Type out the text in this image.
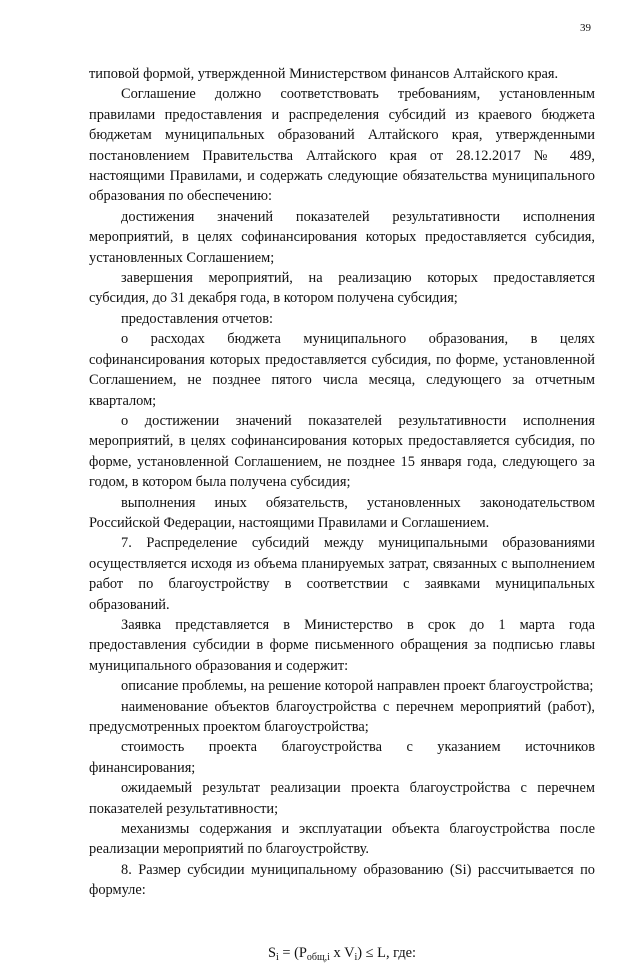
39

типовой формой, утвержденной Министерством финансов Алтайского края.

Соглашение должно соответствовать требованиям, установленным правилами предоставления и распределения субсидий из краевого бюджета бюджетам муниципальных образований Алтайского края, утвержденными постановлением Правительства Алтайского края от 28.12.2017 № 489, настоящими Правилами, и содержать следующие обязательства муниципального образования по обеспечению:

достижения значений показателей результативности исполнения мероприятий, в целях софинансирования которых предоставляется субсидия, установленных Соглашением;

завершения мероприятий, на реализацию которых предоставляется субсидия, до 31 декабря года, в котором получена субсидия;

предоставления отчетов:

о расходах бюджета муниципального образования, в целях софинансирования которых предоставляется субсидия, по форме, установленной Соглашением, не позднее пятого числа месяца, следующего за отчетным кварталом;

о достижении значений показателей результативности исполнения мероприятий, в целях софинансирования которых предоставляется субсидия, по форме, установленной Соглашением, не позднее 15 января года, следующего за годом, в котором была получена субсидия;

выполнения иных обязательств, установленных законодательством Российской Федерации, настоящими Правилами и Соглашением.

7. Распределение субсидий между муниципальными образованиями осуществляется исходя из объема планируемых затрат, связанных с выполнением работ по благоустройству в соответствии с заявками муниципальных образований.

Заявка представляется в Министерство в срок до 1 марта года предоставления субсидии в форме письменного обращения за подписью главы муниципального образования и содержит:

описание проблемы, на решение которой направлен проект благоустройства;

наименование объектов благоустройства с перечнем мероприятий (работ), предусмотренных проектом благоустройства;

стоимость проекта благоустройства с указанием источников финансирования;

ожидаемый результат реализации проекта благоустройства с перечнем показателей результативности;

механизмы содержания и эксплуатации объекта благоустройства после реализации мероприятий по благоустройству.

8. Размер субсидии муниципальному образованию (Si) рассчитывается по формуле:

$S_i = (P_{общ,i}$ x $V_i) \le L$, где:
